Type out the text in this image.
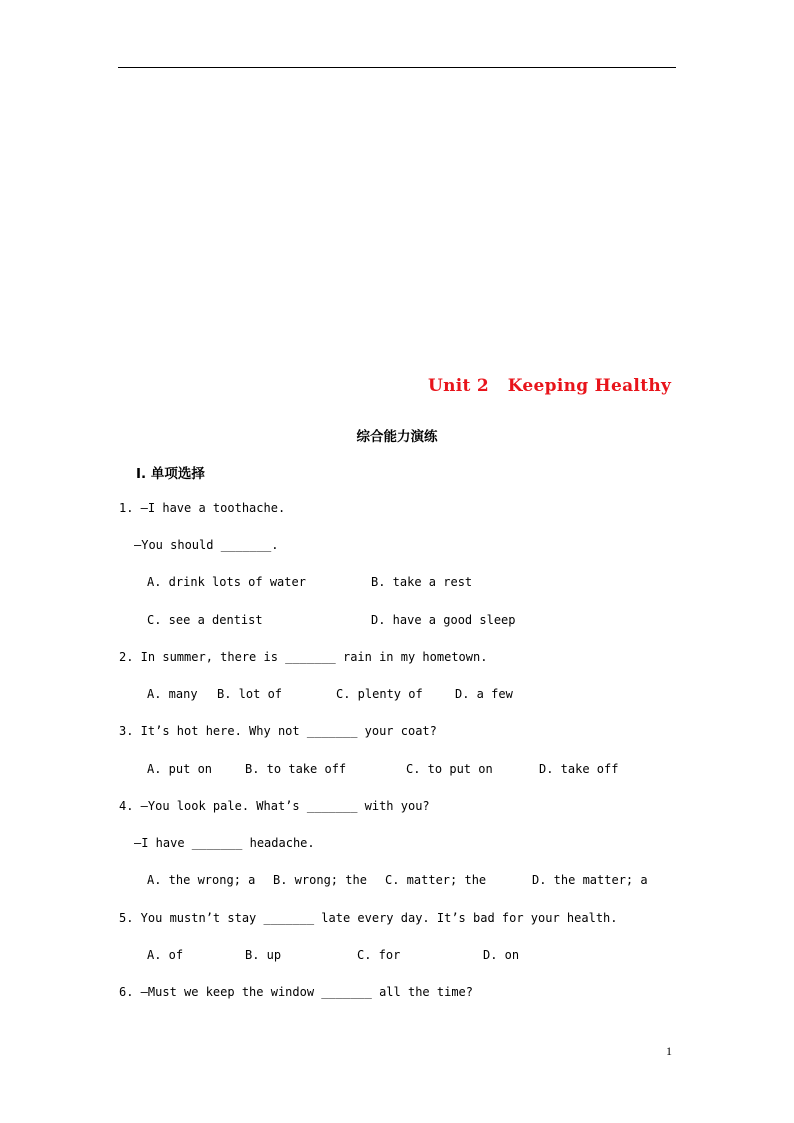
Unit 2   Keeping Healthy
综合能力演练
I. 单项选择
1. —I have a toothache.
—You should _______.
A. drink lots of water	B. take a rest
C. see a dentist	D. have a good sleep
2. In summer, there is _______ rain in my hometown.
A. many B. lot of	C. plenty of	D. a few
3. It’s hot here. Why not _______ your coat?
A. put on	B. to take off	C. to put on	D. take off
4. —You look pale. What’s _______ with you?
—I have _______ headache.
A. the wrong; a B. wrong; the C. matter; the	D. the matter; a
5. You mustn’t stay _______ late every day. It’s bad for your health.
A. of	B. up	C. for	D. on
6. —Must we keep the window _______ all the time?
1
